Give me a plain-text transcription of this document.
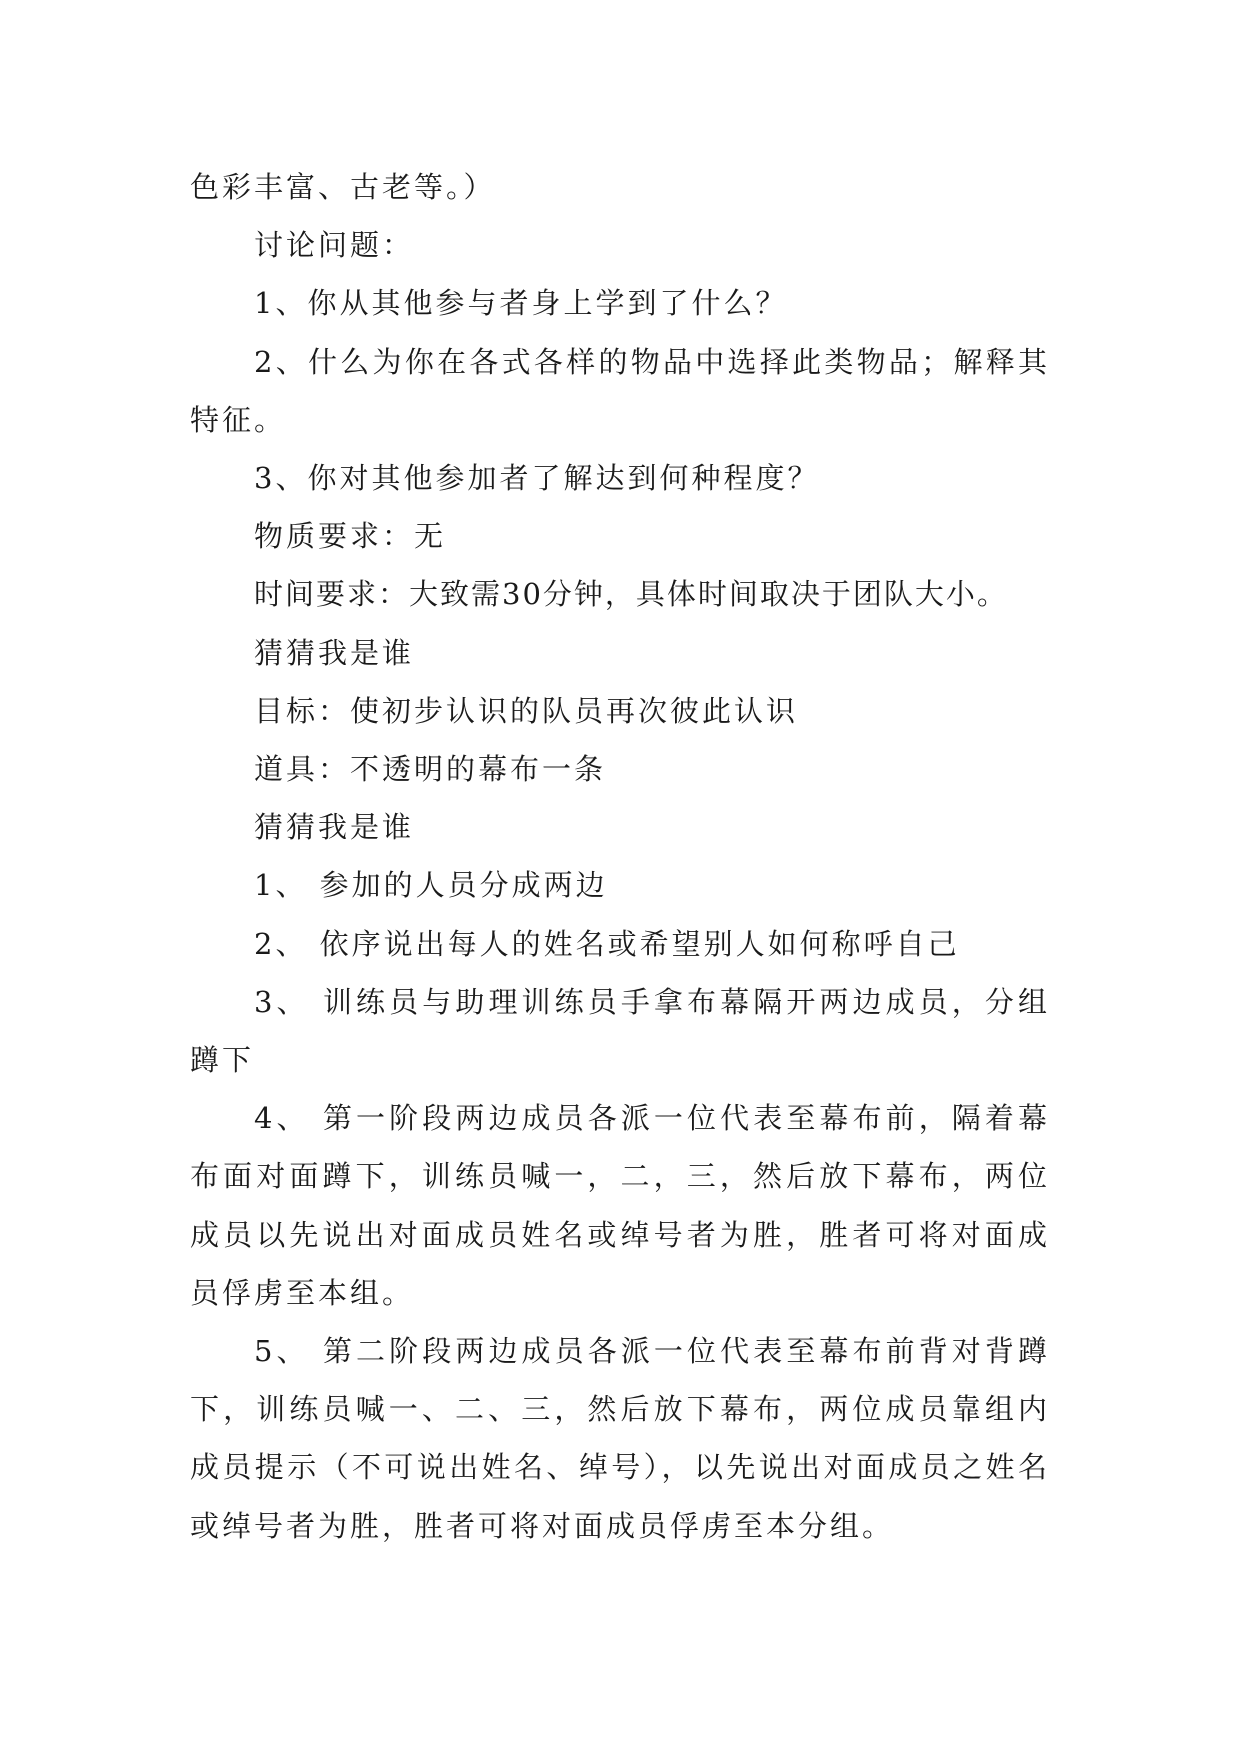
色彩丰富、古老等。）

讨论问题：

1、你从其他参与者身上学到了什么？

2、什么为你在各式各样的物品中选择此类物品；解释其特征。

3、你对其他参加者了解达到何种程度？

物质要求：无

时间要求：大致需30分钟，具体时间取决于团队大小。

猜猜我是谁

目标：使初步认识的队员再次彼此认识

道具：不透明的幕布一条

猜猜我是谁

1、 参加的人员分成两边

2、 依序说出每人的姓名或希望别人如何称呼自己

3、 训练员与助理训练员手拿布幕隔开两边成员，分组蹲下

4、 第一阶段两边成员各派一位代表至幕布前，隔着幕布面对面蹲下，训练员喊一，二，三，然后放下幕布，两位成员以先说出对面成员姓名或绰号者为胜，胜者可将对面成员俘虏至本组。

5、 第二阶段两边成员各派一位代表至幕布前背对背蹲下，训练员喊一、二、三，然后放下幕布，两位成员靠组内成员提示（不可说出姓名、绰号），以先说出对面成员之姓名或绰号者为胜，胜者可将对面成员俘虏至本分组。
